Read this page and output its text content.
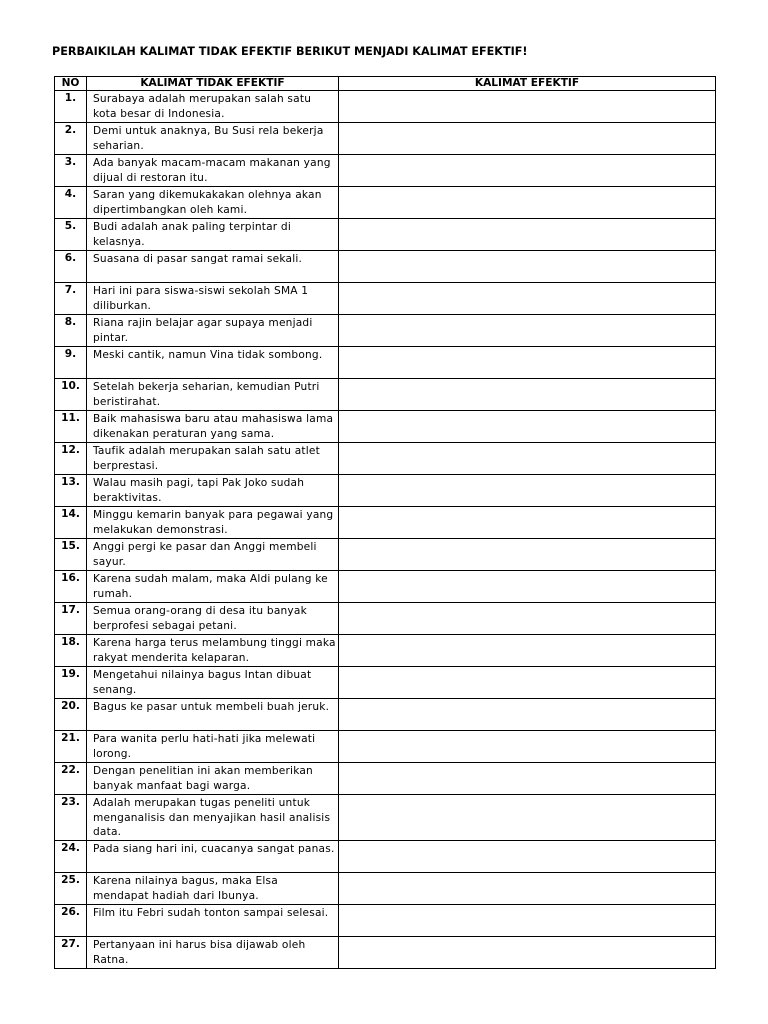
PERBAIKILAH KALIMAT TIDAK EFEKTIF BERIKUT MENJADI KALIMAT EFEKTIF!
NO	KALIMAT TIDAK EFEKTIF	KALIMAT EFEKTIF
1.	Surabaya adalah merupakan salah satu kota besar di Indonesia.	
2.	Demi untuk anaknya, Bu Susi rela bekerja seharian.	
3.	Ada banyak macam-macam makanan yang dijual di restoran itu.	
4.	Saran yang dikemukakakan olehnya akan dipertimbangkan oleh kami.	
5.	Budi adalah anak paling terpintar di kelasnya.	
6.	Suasana di pasar sangat ramai sekali.	
7.	Hari ini para siswa-siswi sekolah SMA 1 diliburkan.	
8.	Riana rajin belajar agar supaya menjadi pintar.	
9.	Meski cantik, namun Vina tidak sombong.	
10.	Setelah bekerja seharian, kemudian Putri beristirahat.	
11.	Baik mahasiswa baru atau mahasiswa lama dikenakan peraturan yang sama.	
12.	Taufik adalah merupakan salah satu atlet berprestasi.	
13.	Walau masih pagi, tapi Pak Joko sudah beraktivitas.	
14.	Minggu kemarin banyak para pegawai yang melakukan demonstrasi.	
15.	Anggi pergi ke pasar dan Anggi membeli sayur.	
16.	Karena sudah malam, maka Aldi pulang ke rumah.	
17.	Semua orang-orang di desa itu banyak berprofesi sebagai petani.	
18.	Karena harga terus melambung tinggi maka rakyat menderita kelaparan.	
19.	Mengetahui nilainya bagus Intan dibuat senang.	
20.	Bagus ke pasar untuk membeli buah jeruk.	
21.	Para wanita perlu hati-hati jika melewati lorong.	
22.	Dengan penelitian ini akan memberikan banyak manfaat bagi warga.	
23.	Adalah merupakan tugas peneliti untuk menganalisis dan menyajikan hasil analisis data.	
24.	Pada siang hari ini, cuacanya sangat panas.	
25.	Karena nilainya bagus, maka Elsa mendapat hadiah dari Ibunya.	
26.	Film itu Febri sudah tonton sampai selesai.	
27.	Pertanyaan ini harus bisa dijawab oleh Ratna.	
